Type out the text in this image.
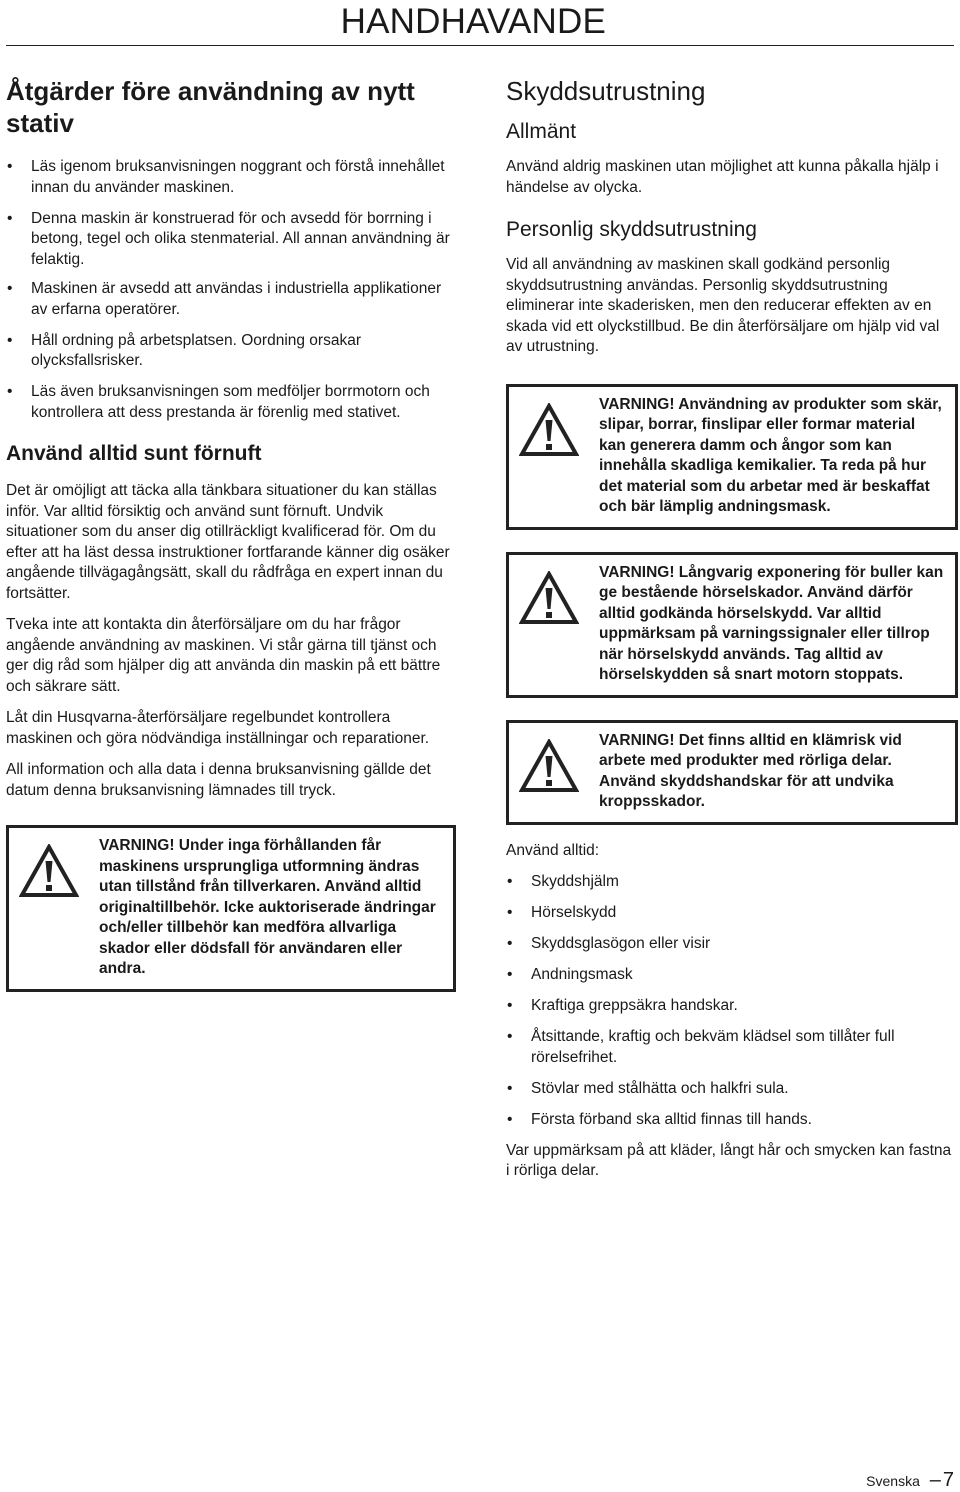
HANDHAVANDE
Åtgärder före användning av nytt stativ
• Läs igenom bruksanvisningen noggrant och förstå innehållet innan du använder maskinen.
• Denna maskin är konstruerad för och avsedd för borrning i betong, tegel och olika stenmaterial. All annan användning är felaktig.
• Maskinen är avsedd att användas i industriella applikationer av erfarna operatörer.
• Håll ordning på arbetsplatsen. Oordning orsakar olycksfallsrisker.
• Läs även bruksanvisningen som medföljer borrmotorn och kontrollera att dess prestanda är förenlig med stativet.
Använd alltid sunt förnuft

Det är omöjligt att täcka alla tänkbara situationer du kan ställas inför. Var alltid försiktig och använd sunt förnuft. Undvik situationer som du anser dig otillräckligt kvalificerad för. Om du efter att ha läst dessa instruktioner fortfarande känner dig osäker angående tillvägagångsätt, skall du rådfråga en expert innan du fortsätter.

Tveka inte att kontakta din återförsäljare om du har frågor angående användning av maskinen. Vi står gärna till tjänst och ger dig råd som hjälper dig att använda din maskin på ett bättre och säkrare sätt.

Låt din Husqvarna-återförsäljare regelbundet kontrollera maskinen och göra nödvändiga inställningar och reparationer.

All information och alla data i denna bruksanvisning gällde det datum denna bruksanvisning lämnades till tryck.

VARNING! Under inga förhållanden får maskinens ursprungliga utformning ändras utan tillstånd från tillverkaren. Använd alltid originaltillbehör. Icke auktoriserade ändringar och/eller tillbehör kan medföra allvarliga skador eller dödsfall för användaren eller andra.
Skyddsutrustning
Allmänt

Använd aldrig maskinen utan möjlighet att kunna påkalla hjälp i händelse av olycka.

Personlig skyddsutrustning

Vid all användning av maskinen skall godkänd personlig skyddsutrustning användas. Personlig skyddsutrustning eliminerar inte skaderisken, men den reducerar effekten av en skada vid ett olyckstillbud. Be din återförsäljare om hjälp vid val av utrustning.

VARNING! Användning av produkter som skär, slipar, borrar, finslipar eller formar material kan generera damm och ångor som kan innehålla skadliga kemikalier. Ta reda på hur det material som du arbetar med är beskaffat och bär lämplig andningsmask.
VARNING! Långvarig exponering för buller kan ge bestående hörselskador. Använd därför alltid godkända hörselskydd. Var alltid uppmärksam på varningssignaler eller tillrop när hörselskydd används. Tag alltid av hörselskydden så snart motorn stoppats.
VARNING! Det finns alltid en klämrisk vid arbete med produkter med rörliga delar. Använd skyddshandskar för att undvika kroppsskador.

Använd alltid:

• Skyddshjälm
• Hörselskydd
• Skyddsglasögon eller visir
• Andningsmask
• Kraftiga greppsäkra handskar.
• Åtsittande, kraftig och bekväm klädsel som tillåter full rörelsefrihet.
• Stövlar med stålhätta och halkfri sula.
• Första förband ska alltid finnas till hands.

Var uppmärksam på att kläder, långt hår och smycken kan fastna i rörliga delar.

Svenska – 7
